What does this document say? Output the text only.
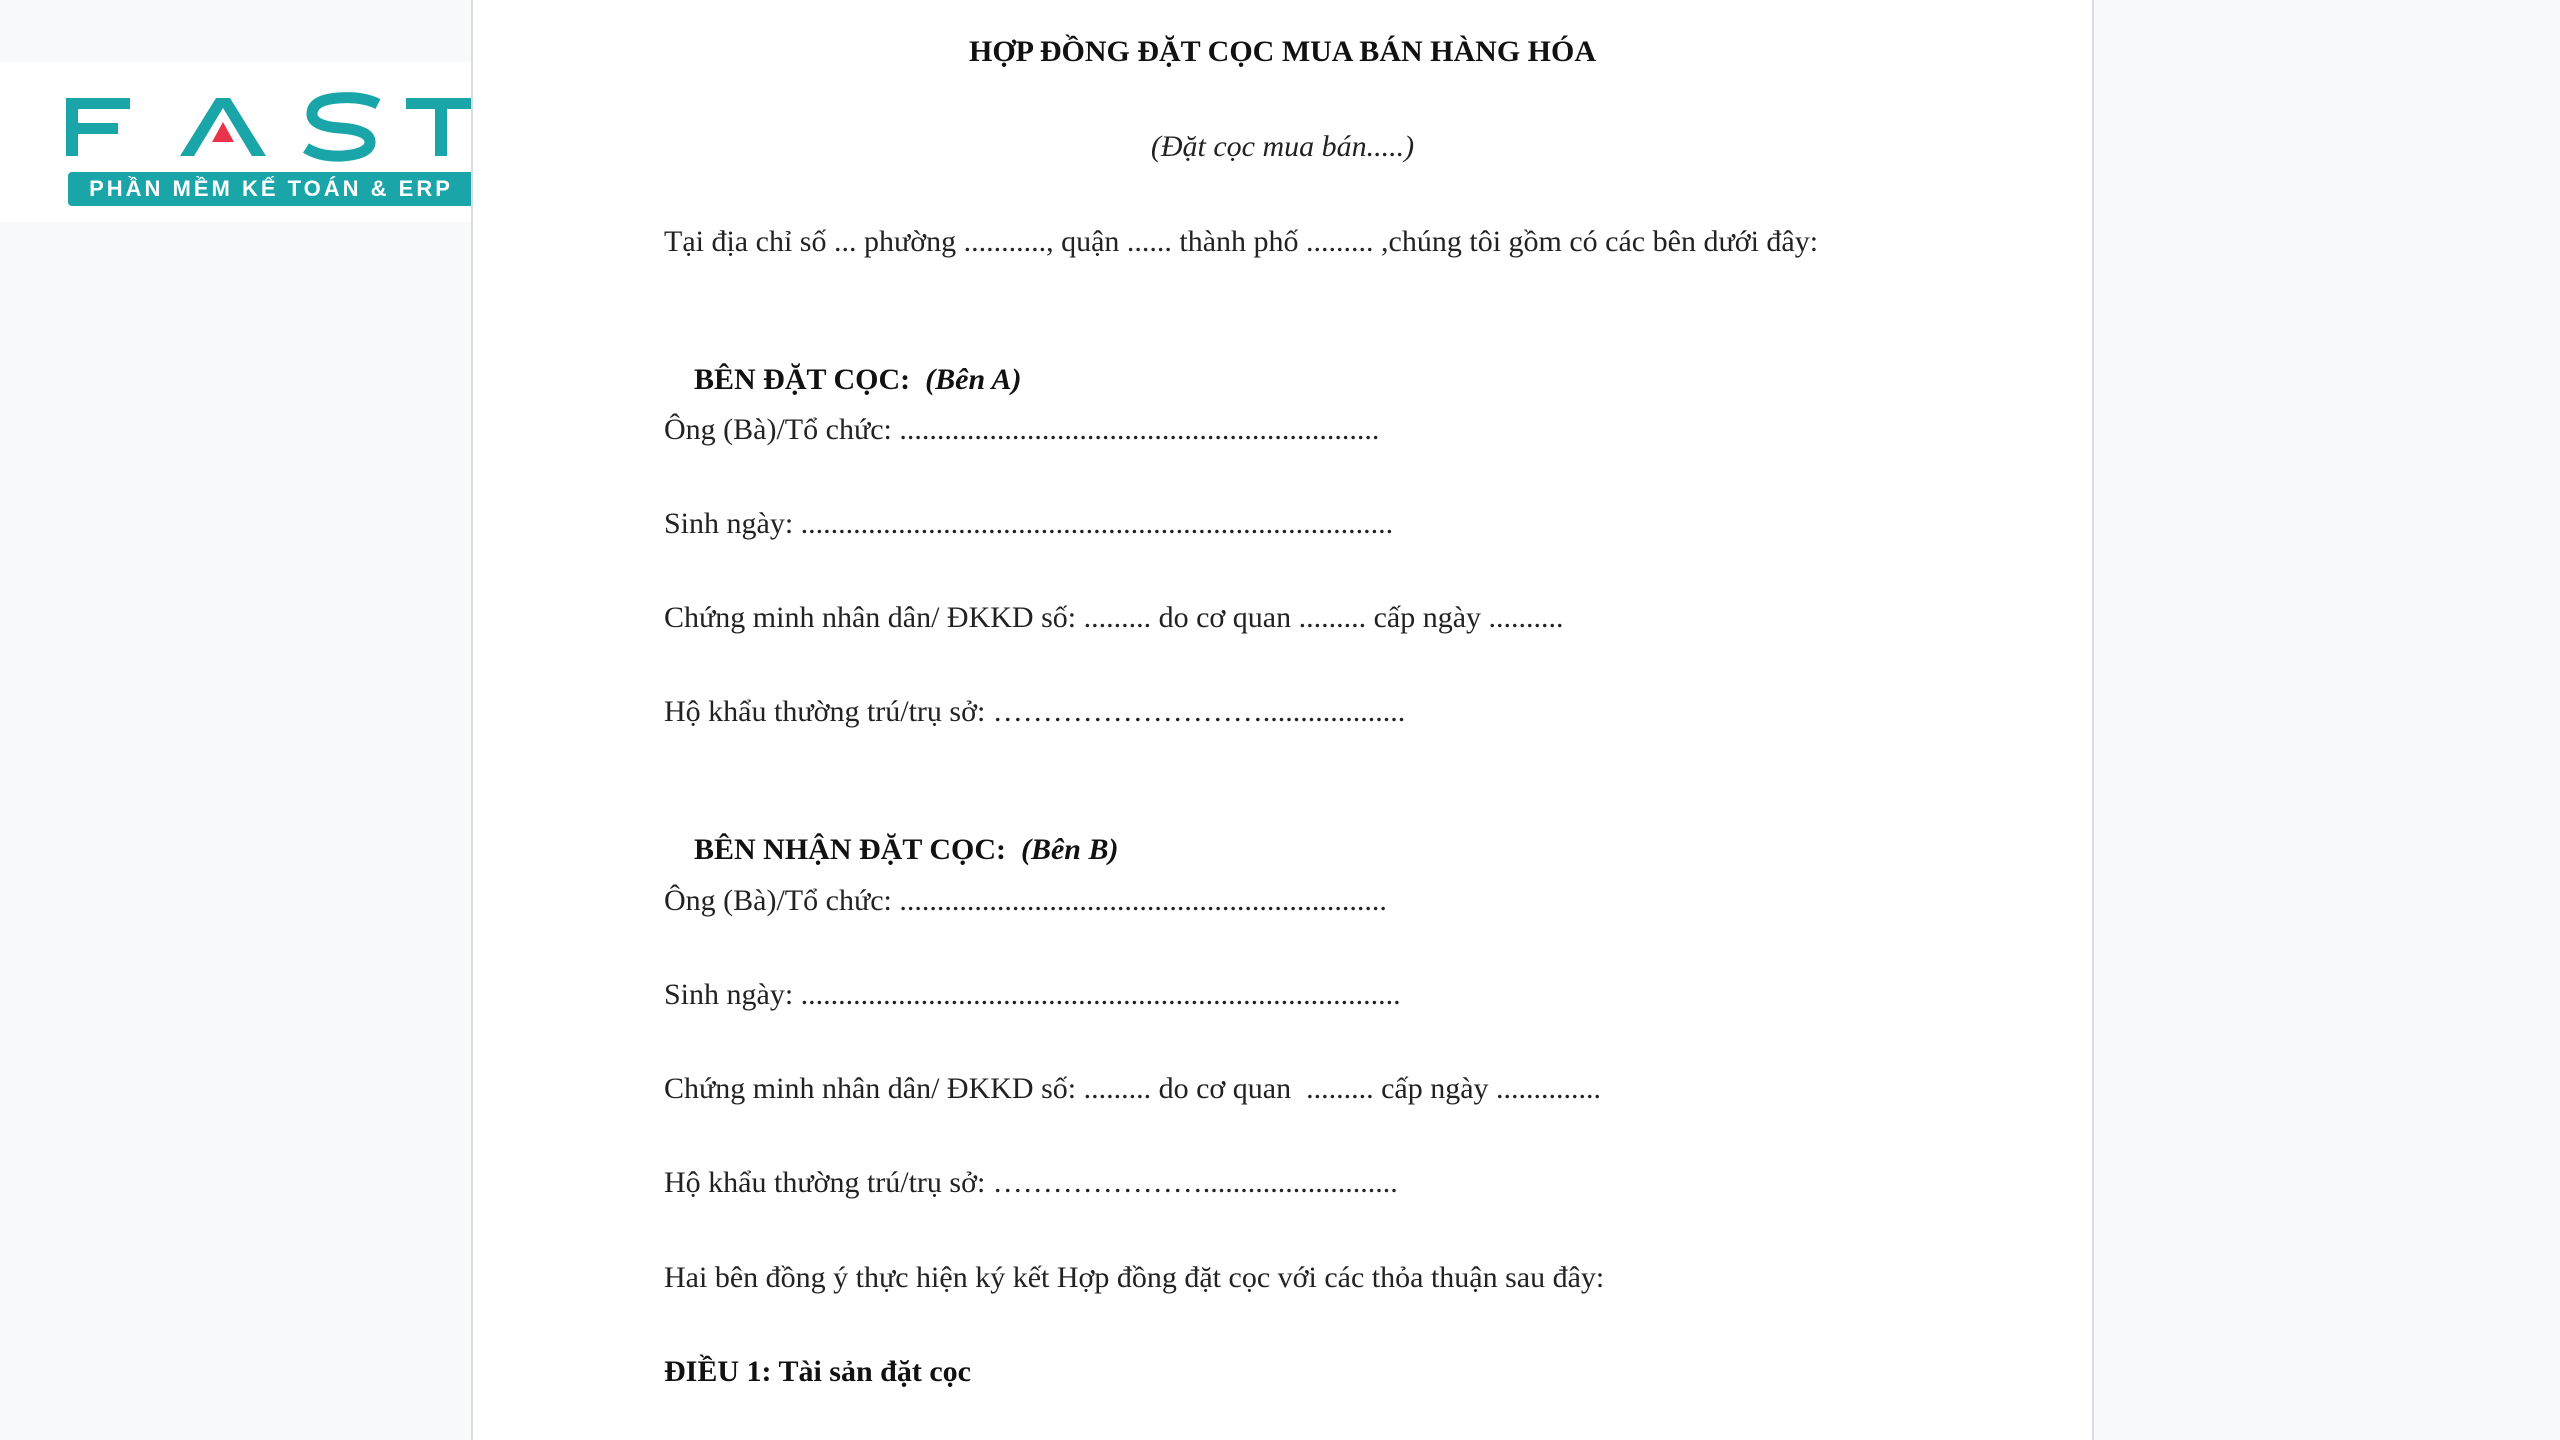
PHẦN MỀM KẾ TOÁN & ERP
HỢP ĐỒNG ĐẶT CỌC MUA BÁN HÀNG HÓA
(Đặt cọc mua bán.....)
Tại địa chỉ số ... phường ..........., quận ...... thành phố ......... ,chúng tôi gồm có các bên dưới đây:

BÊN ĐẶT CỌC: (Bên A)

Ông (Bà)/Tổ chức: ................................................................
Sinh ngày: ...............................................................................
Chứng minh nhân dân/ ĐKKD số: ......... do cơ quan ......... cấp ngày ..........
Hộ khẩu thường trú/trụ sở: ………………………...................

BÊN NHẬN ĐẶT CỌC: (Bên B)

Ông (Bà)/Tổ chức: .................................................................
Sinh ngày: ................................................................................
Chứng minh nhân dân/ ĐKKD số: ......... do cơ quan  ......... cấp ngày ..............
Hộ khẩu thường trú/trụ sở: …………………..........................
Hai bên đồng ý thực hiện ký kết Hợp đồng đặt cọc với các thỏa thuận sau đây:
ĐIỀU 1: Tài sản đặt cọc
